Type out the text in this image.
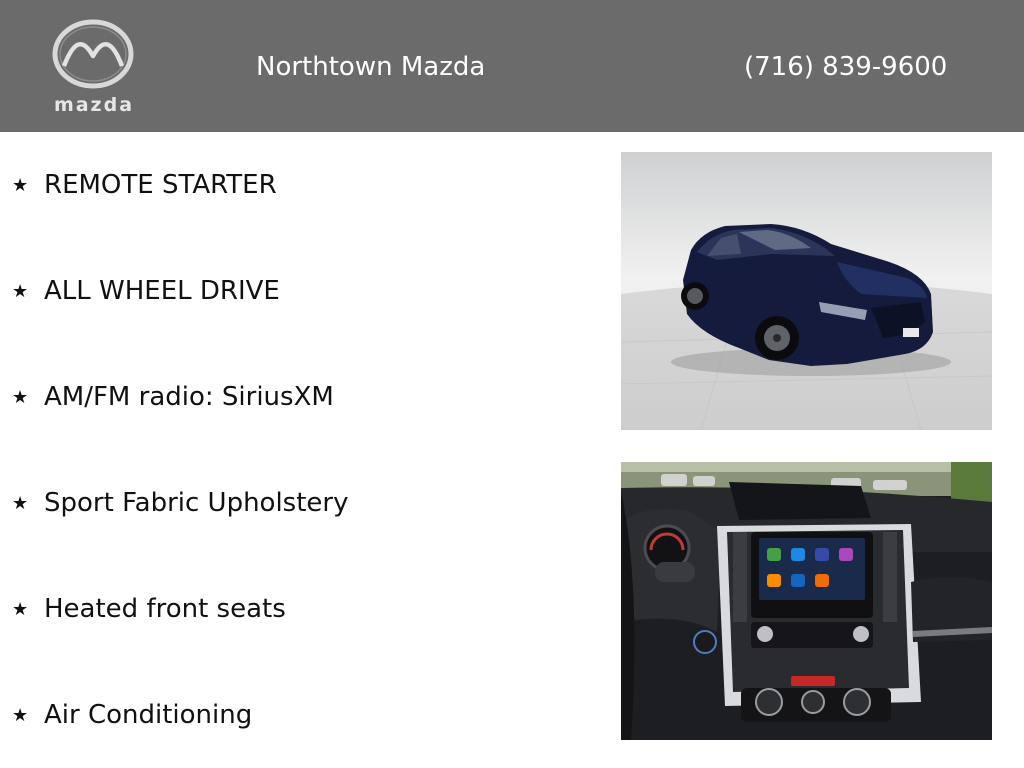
mazda
Northtown Mazda	(716) 839-9600
★ REMOTE STARTER
★ ALL WHEEL DRIVE
★ AM/FM radio: SiriusXM
★ Sport Fabric Upholstery
★ Heated front seats
★ Air Conditioning
